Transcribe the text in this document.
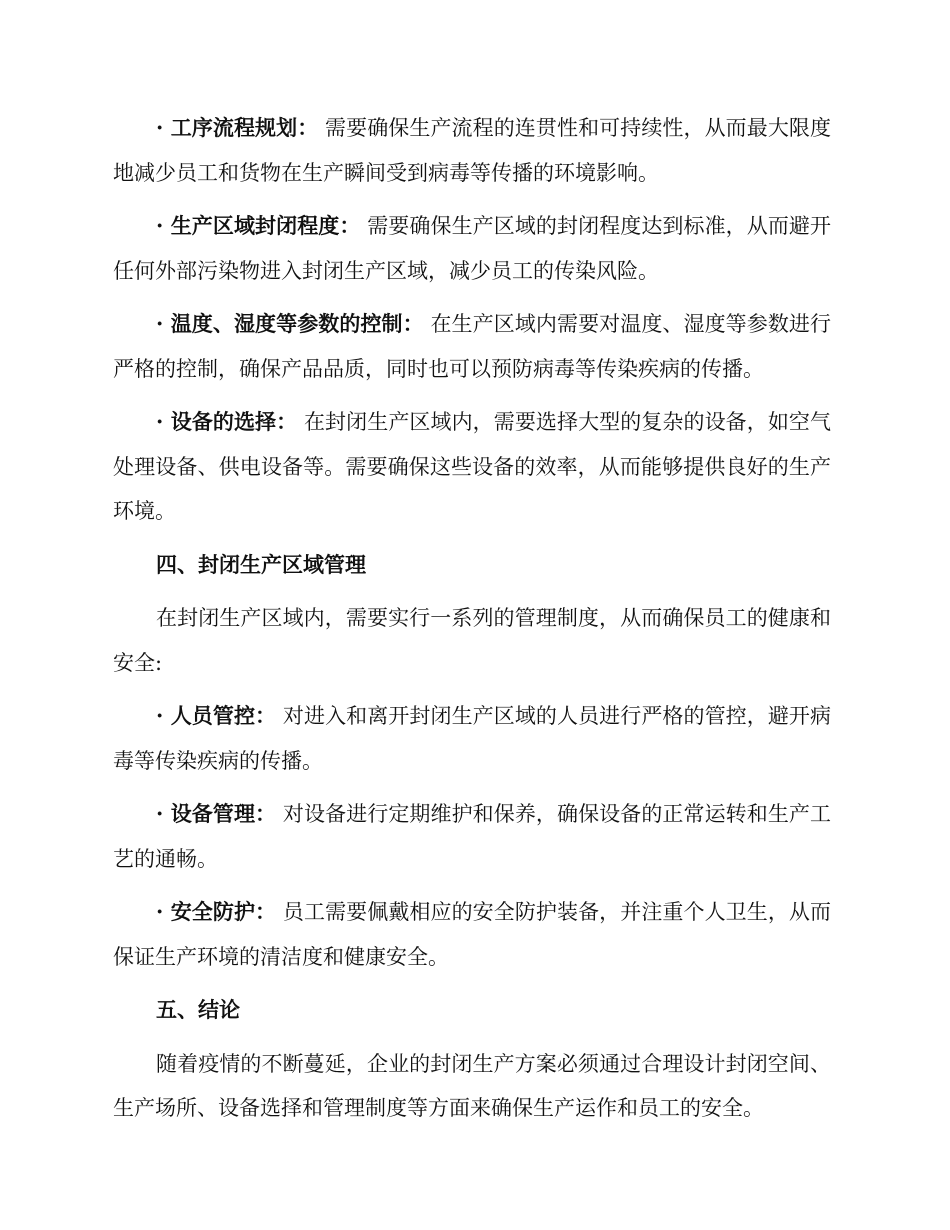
· 工序流程规划： 需要确保生产流程的连贯性和可持续性，从而最大限度地减少员工和货物在生产瞬间受到病毒等传播的环境影响。

· 生产区域封闭程度： 需要确保生产区域的封闭程度达到标准，从而避开任何外部污染物进入封闭生产区域，减少员工的传染风险。

· 温度、湿度等参数的控制： 在生产区域内需要对温度、湿度等参数进行严格的控制，确保产品品质，同时也可以预防病毒等传染疾病的传播。

· 设备的选择： 在封闭生产区域内，需要选择大型的复杂的设备，如空气处理设备、供电设备等。需要确保这些设备的效率，从而能够提供良好的生产环境。

四、封闭生产区域管理

在封闭生产区域内，需要实行一系列的管理制度，从而确保员工的健康和安全:

· 人员管控： 对进入和离开封闭生产区域的人员进行严格的管控，避开病毒等传染疾病的传播。

· 设备管理： 对设备进行定期维护和保养，确保设备的正常运转和生产工艺的通畅。

· 安全防护： 员工需要佩戴相应的安全防护装备，并注重个人卫生，从而保证生产环境的清洁度和健康安全。

五、结论

随着疫情的不断蔓延，企业的封闭生产方案必须通过合理设计封闭空间、生产场所、设备选择和管理制度等方面来确保生产运作和员工的安全。
